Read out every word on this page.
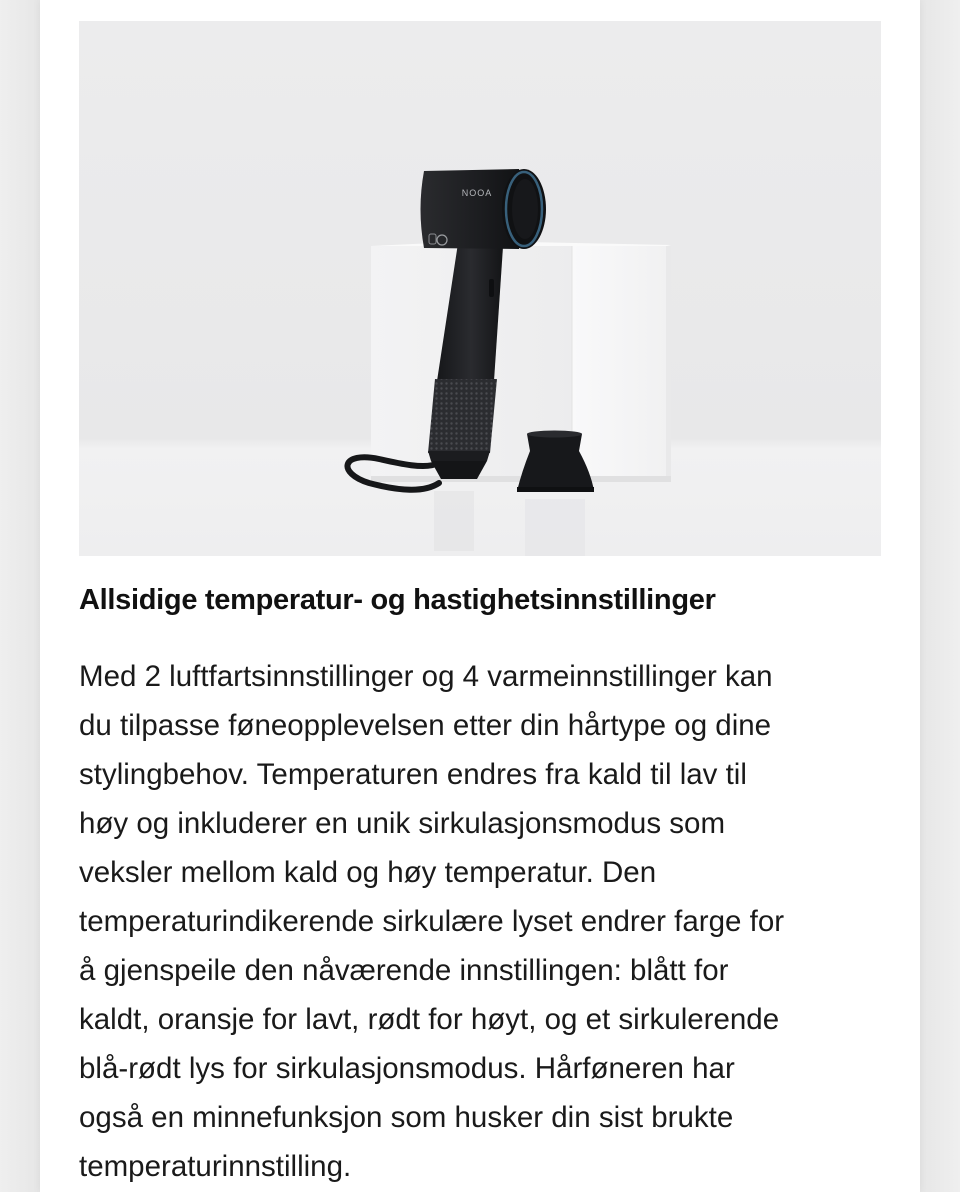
NOOA
Allsidige temperatur- og hastighetsinnstillinger

Med 2 luftfartsinnstillinger og 4 varmeinnstillinger kan
du tilpasse føneopplevelsen etter din hårtype og dine
stylingbehov. Temperaturen endres fra kald til lav til
høy og inkluderer en unik sirkulasjonsmodus som
veksler mellom kald og høy temperatur. Den
temperaturindikerende sirkulære lyset endrer farge for
å gjenspeile den nåværende innstillingen: blått for
kaldt, oransje for lavt, rødt for høyt, og et sirkulerende
blå-rødt lys for sirkulasjonsmodus. Hårføneren har
også en minnefunksjon som husker din sist brukte
temperaturinnstilling.
